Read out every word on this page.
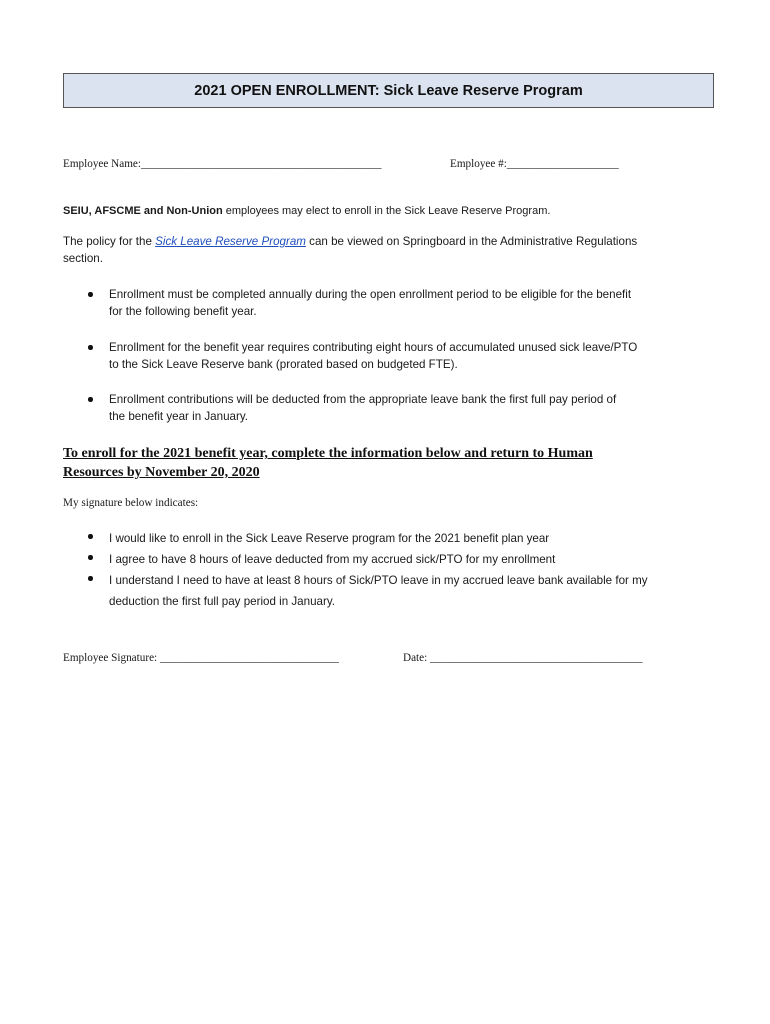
2021 OPEN ENROLLMENT: Sick Leave Reserve Program
Employee Name:___________________________________________	Employee #:____________________
SEIU, AFSCME and Non-Union employees may elect to enroll in the Sick Leave Reserve Program.
The policy for the Sick Leave Reserve Program can be viewed on Springboard in the Administrative Regulations
section.
Enrollment must be completed annually during the open enrollment period to be eligible for the benefit
for the following benefit year.
Enrollment for the benefit year requires contributing eight hours of accumulated unused sick leave/PTO
to the Sick Leave Reserve bank (prorated based on budgeted FTE).
Enrollment contributions will be deducted from the appropriate leave bank the first full pay period of
the benefit year in January.
To enroll for the 2021 benefit year, complete the information below and return to Human
Resources by November 20, 2020
My signature below indicates:
I would like to enroll in the Sick Leave Reserve program for the 2021 benefit plan year
I agree to have 8 hours of leave deducted from my accrued sick/PTO for my enrollment
I understand I need to have at least 8 hours of Sick/PTO leave in my accrued leave bank available for my
deduction the first full pay period in January.
Employee Signature: ________________________________	Date: ______________________________________
